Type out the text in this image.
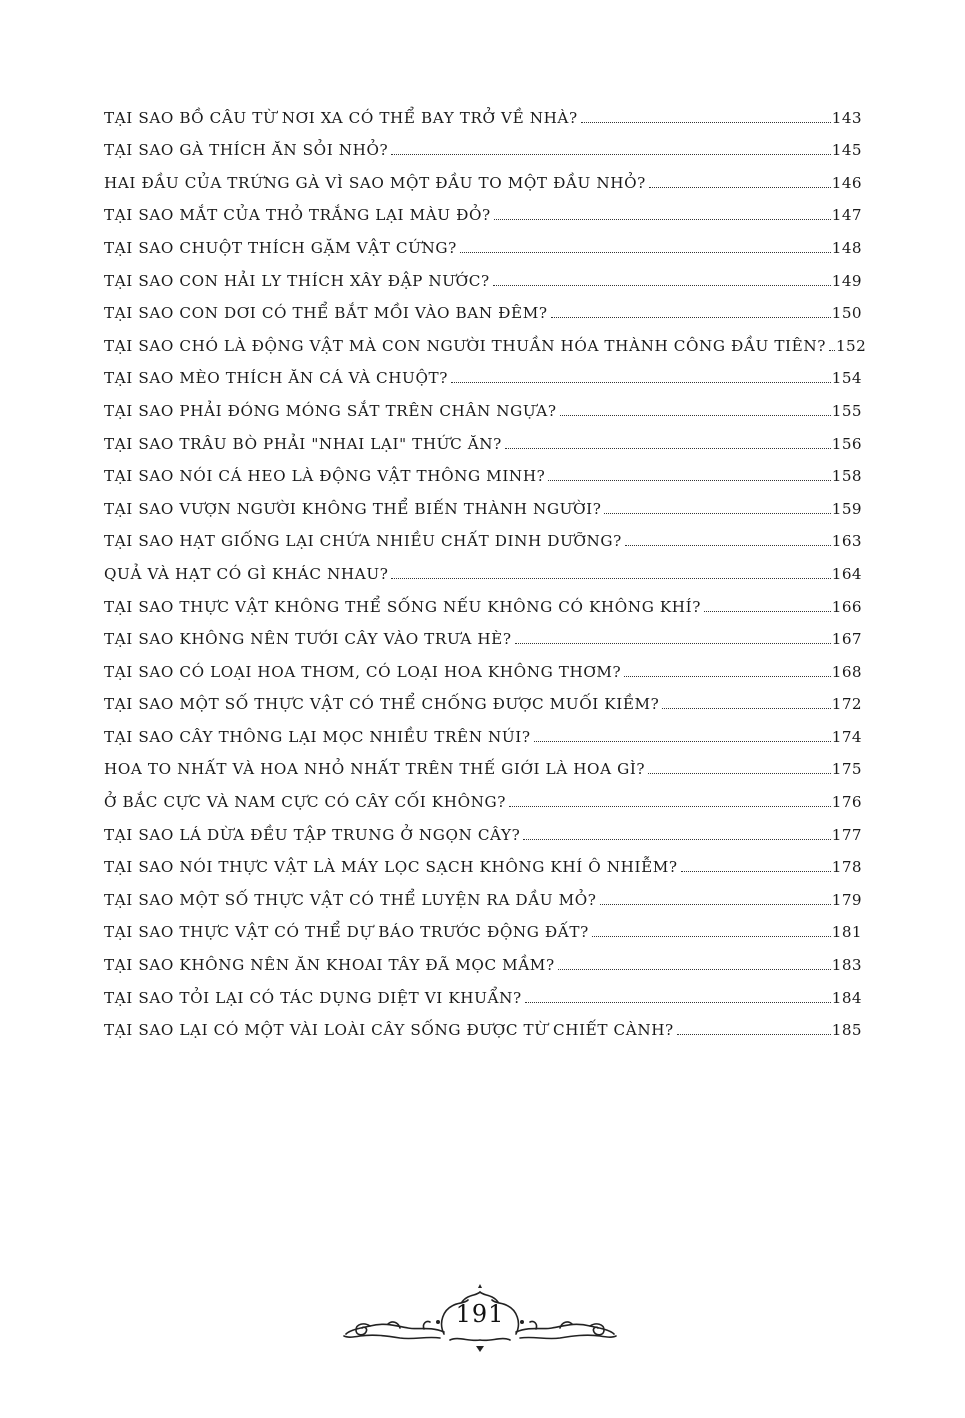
TẠI SAO BỒ CÂU TỪ NƠI XA CÓ THỂ BAY TRỞ VỀ NHÀ?	143
TẠI SAO GÀ THÍCH ĂN SỎI NHỎ?	145
HAI ĐẦU CỦA TRỨNG GÀ VÌ SAO MỘT ĐẦU TO MỘT ĐẦU NHỎ?	146
TẠI SAO MẮT CỦA THỎ TRẮNG LẠI MÀU ĐỎ?	147
TẠI SAO CHUỘT THÍCH GẶM VẬT CỨNG?	148
TẠI SAO CON HẢI LY THÍCH XÂY ĐẬP NƯỚC?	149
TẠI SAO CON DƠI CÓ THỂ BẮT MỒI VÀO BAN ĐÊM?	150
TẠI SAO CHÓ LÀ ĐỘNG VẬT MÀ CON NGƯỜI THUẦN HÓA THÀNH CÔNG ĐẦU TIÊN? 152
TẠI SAO MÈO THÍCH ĂN CÁ VÀ CHUỘT?	154
TẠI SAO PHẢI ĐÓNG MÓNG SẮT TRÊN CHÂN NGỰA?	155
TẠI SAO TRÂU BÒ PHẢI "NHAI LẠI" THỨC ĂN?	156
TẠI SAO NÓI CÁ HEO LÀ ĐỘNG VẬT THÔNG MINH?	158
TẠI SAO VƯỢN NGƯỜI KHÔNG THỂ BIẾN THÀNH NGƯỜI?	159
TẠI SAO HẠT GIỐNG LẠI CHỨA NHIỀU CHẤT DINH DƯỠNG?	163
QUẢ VÀ HẠT CÓ GÌ KHÁC NHAU?	164
TẠI SAO THỰC VẬT KHÔNG THỂ SỐNG NẾU KHÔNG CÓ KHÔNG KHÍ?	166
TẠI SAO KHÔNG NÊN TƯỚI CÂY VÀO TRƯA HÈ?	167
TẠI SAO CÓ LOẠI HOA THƠM, CÓ LOẠI HOA KHÔNG THƠM?	168
TẠI SAO MỘT SỐ THỰC VẬT CÓ THỂ CHỐNG ĐƯỢC MUỐI KIỀM?	172
TẠI SAO CÂY THÔNG LẠI MỌC NHIỀU TRÊN NÚI?	174
HOA TO NHẤT VÀ HOA NHỎ NHẤT TRÊN THẾ GIỚI LÀ HOA GÌ?	175
Ở BẮC CỰC VÀ NAM CỰC CÓ CÂY CỐI KHÔNG?	176
TẠI SAO LÁ DỪA ĐỀU TẬP TRUNG Ở NGỌN CÂY?	177
TẠI SAO NÓI THỰC VẬT LÀ MÁY LỌC SẠCH KHÔNG KHÍ Ô NHIỄM?	178
TẠI SAO MỘT SỐ THỰC VẬT CÓ THỂ LUYỆN RA DẦU MỎ?	179
TẠI SAO THỰC VẬT CÓ THỂ DỰ BÁO TRƯỚC ĐỘNG ĐẤT?	181
TẠI SAO KHÔNG NÊN ĂN KHOAI TÂY ĐÃ MỌC MẦM?	183
TẠI SAO TỎI LẠI CÓ TÁC DỤNG DIỆT VI KHUẨN?	184
TẠI SAO LẠI CÓ MỘT VÀI LOÀI CÂY SỐNG ĐƯỢC TỪ CHIẾT CÀNH?	185
191
